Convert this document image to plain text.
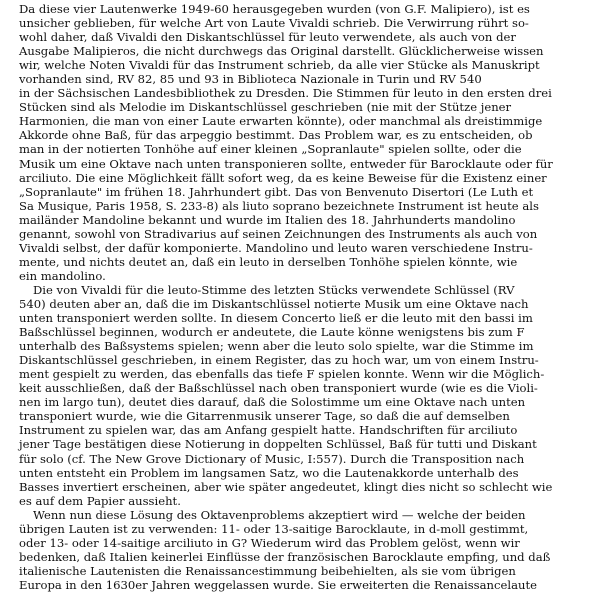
Da diese vier Lautenwerke 1949-60 herausgegeben wurden (von G.F. Malipiero), ist es
unsicher geblieben, für welche Art von Laute Vivaldi schrieb. Die Verwirrung rührt so-
wohl daher, daß Vivaldi den Diskantschlüssel für leuto verwendete, als auch von der
Ausgabe Malipieros, die nicht durchwegs das Original darstellt. Glücklicherweise wissen
wir, welche Noten Vivaldi für das Instrument schrieb, da alle vier Stücke als Manuskript
vorhanden sind, RV 82, 85 und 93 in Biblioteca Nazionale in Turin und RV 540
in der Sächsischen Landesbibliothek zu Dresden. Die Stimmen für leuto in den ersten drei
Stücken sind als Melodie im Diskantschlüssel geschrieben (nie mit der Stütze jener
Harmonien, die man von einer Laute erwarten könnte), oder manchmal als dreistimmige
Akkorde ohne Baß, für das arpeggio bestimmt. Das Problem war, es zu entscheiden, ob
man in der notierten Tonhöhe auf einer kleinen „Sopranlaute" spielen sollte, oder die
Musik um eine Oktave nach unten transponieren sollte, entweder für Barocklaute oder für
arciliuto. Die eine Möglichkeit fällt sofort weg, da es keine Beweise für die Existenz einer
„Sopranlaute" im frühen 18. Jahrhundert gibt. Das von Benvenuto Disertori (Le Luth et
Sa Musique, Paris 1958, S. 233-8) als liuto soprano bezeichnete Instrument ist heute als
mailänder Mandoline bekannt und wurde im Italien des 18. Jahrhunderts mandolino
genannt, sowohl von Stradivarius auf seinen Zeichnungen des Instruments als auch von
Vivaldi selbst, der dafür komponierte. Mandolino und leuto waren verschiedene Instru-
mente, und nichts deutet an, daß ein leuto in derselben Tonhöhe spielen könnte, wie
ein mandolino.
Die von Vivaldi für die leuto-Stimme des letzten Stücks verwendete Schlüssel (RV
540) deuten aber an, daß die im Diskantschlüssel notierte Musik um eine Oktave nach
unten transponiert werden sollte. In diesem Concerto ließ er die leuto mit den bassi im
Baßschlüssel beginnen, wodurch er andeutete, die Laute könne wenigstens bis zum F
unterhalb des Baßsystems spielen; wenn aber die leuto solo spielte, war die Stimme im
Diskantschlüssel geschrieben, in einem Register, das zu hoch war, um von einem Instru-
ment gespielt zu werden, das ebenfalls das tiefe F spielen konnte. Wenn wir die Möglich-
keit ausschließen, daß der Baßschlüssel nach oben transponiert wurde (wie es die Violi-
nen im largo tun), deutet dies darauf, daß die Solostimme um eine Oktave nach unten
transponiert wurde, wie die Gitarrenmusik unserer Tage, so daß die auf demselben
Instrument zu spielen war, das am Anfang gespielt hatte. Handschriften für arciliuto
jener Tage bestätigen diese Notierung in doppelten Schlüssel, Baß für tutti und Diskant
für solo (cf. The New Grove Dictionary of Music, I:557). Durch die Transposition nach
unten entsteht ein Problem im langsamen Satz, wo die Lautenakkorde unterhalb des
Basses invertiert erscheinen, aber wie später angedeutet, klingt dies nicht so schlecht wie
es auf dem Papier aussieht.
Wenn nun diese Lösung des Oktavenproblems akzeptiert wird — welche der beiden
übrigen Lauten ist zu verwenden: 11- oder 13-saitige Barocklaute, in d-moll gestimmt,
oder 13- oder 14-saitige arciliuto in G? Wiederum wird das Problem gelöst, wenn wir
bedenken, daß Italien keinerlei Einflüsse der französischen Barocklaute empfing, und daß
italienische Lautenisten die Renaissancestimmung beibehielten, als sie vom übrigen
Europa in den 1630er Jahren weggelassen wurde. Sie erweiterten die Renaissancelaute
